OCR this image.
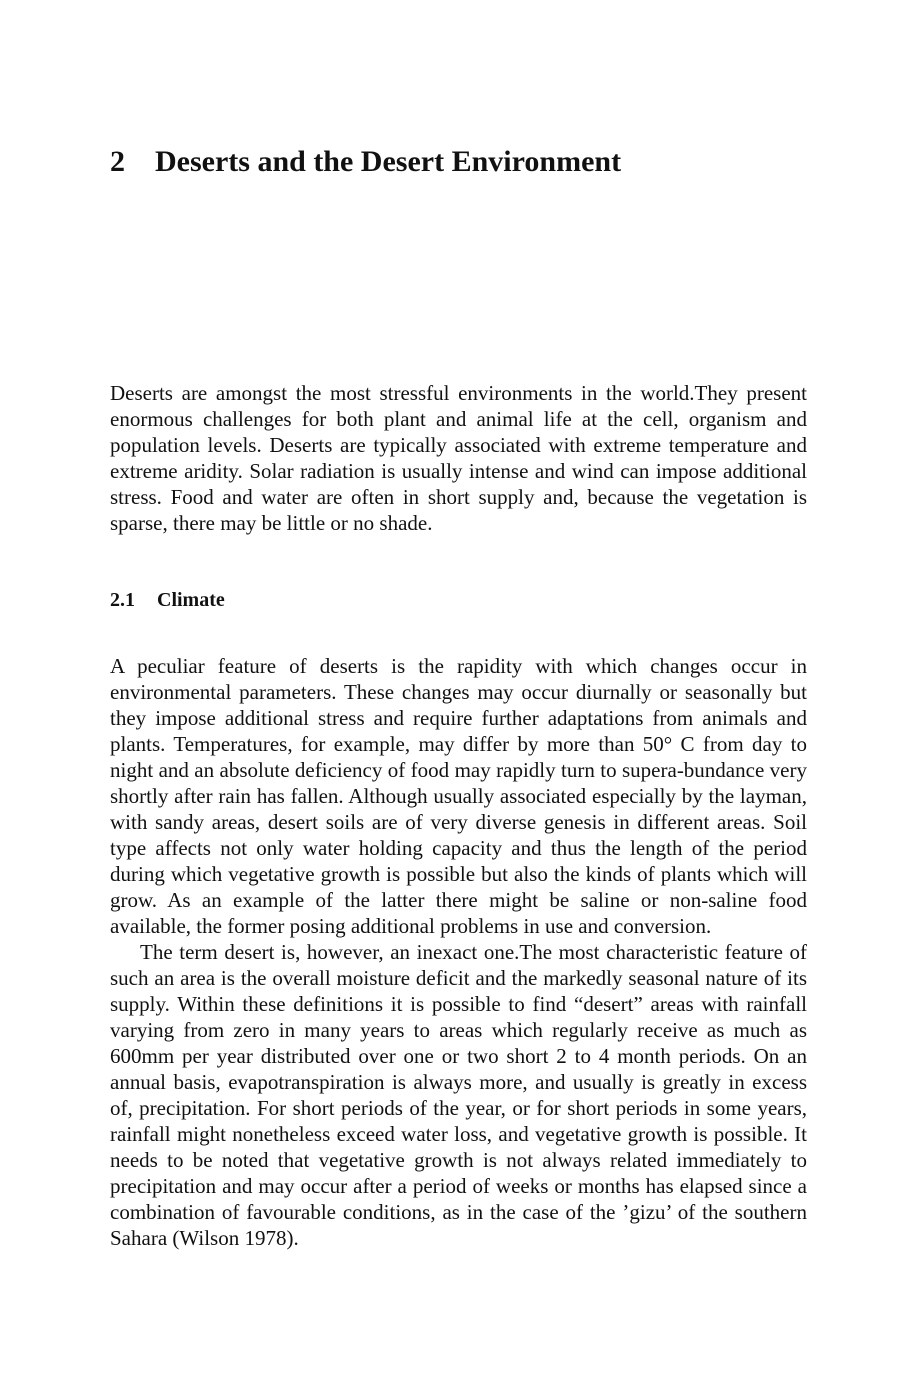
2 Deserts and the Desert Environment

Deserts are amongst the most stressful environments in the world.They present enormous challenges for both plant and animal life at the cell, organism and population levels. Deserts are typically associated with extreme temperature and extreme aridity. Solar radiation is usually intense and wind can impose additional stress. Food and water are often in short supply and, because the vegetation is sparse, there may be little or no shade.

2.1 Climate

A peculiar feature of deserts is the rapidity with which changes occur in environmental parameters. These changes may occur diurnally or seasonally but they impose additional stress and require further adaptations from animals and plants. Temperatures, for example, may differ by more than 50° C from day to night and an absolute deficiency of food may rapidly turn to supera-bundance very shortly after rain has fallen. Although usually associated especially by the layman, with sandy areas, desert soils are of very diverse genesis in different areas. Soil type affects not only water holding capacity and thus the length of the period during which vegetative growth is possible but also the kinds of plants which will grow. As an example of the latter there might be saline or non-saline food available, the former posing additional problems in use and conversion.

The term desert is, however, an inexact one.The most characteristic feature of such an area is the overall moisture deficit and the markedly seasonal nature of its supply. Within these definitions it is possible to find “desert” areas with rainfall varying from zero in many years to areas which regularly receive as much as 600mm per year distributed over one or two short 2 to 4 month periods. On an annual basis, evapotranspiration is always more, and usually is greatly in excess of, precipitation. For short periods of the year, or for short periods in some years, rainfall might nonetheless exceed water loss, and vegetative growth is possible. It needs to be noted that vegetative growth is not always related immediately to precipitation and may occur after a period of weeks or months has elapsed since a combination of favourable conditions, as in the case of the ’gizu’ of the southern Sahara (Wilson 1978).
